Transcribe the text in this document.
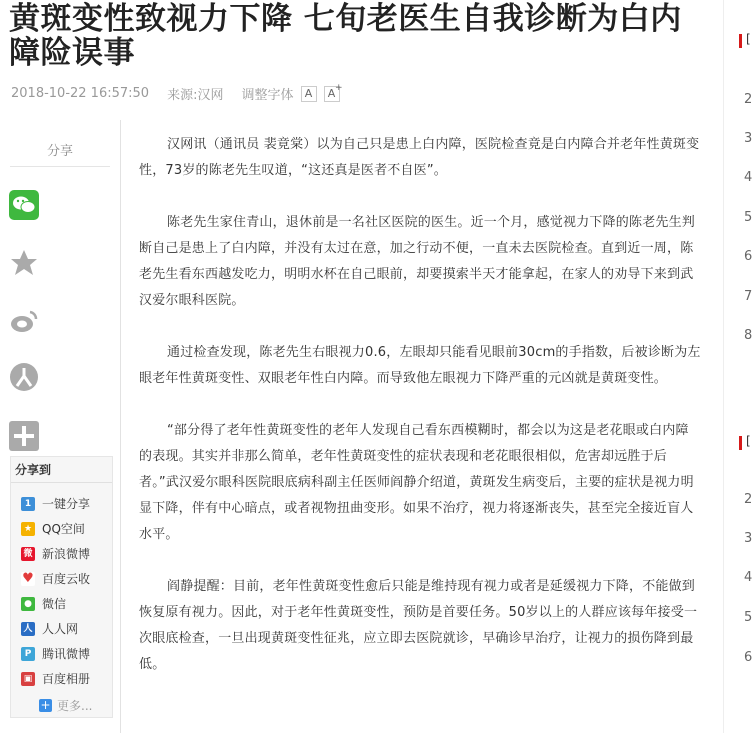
黄斑变性致视力下降 七旬老医生自我诊断为白内障险误事
2018-10-22 16:57:50 来源: 汉网 调整字体	A	A +
分享
分享到
1 一键分享
★ QQ空间
微 新浪微博
♥ 百度云收
● 微信
人 人人网
P 腾讯微博
▣ 百度相册
+ 更多...

汉网讯（通讯员 裴竟棠）以为自己只是患上白内障，医院检查竟是白内障合并老年性黄斑变性，73岁的陈老先生叹道，“这还真是医者不自医”。

陈老先生家住青山，退休前是一名社区医院的医生。近一个月，感觉视力下降的陈老先生判断自己是患上了白内障，并没有太过在意，加之行动不便，一直未去医院检查。直到近一周，陈老先生看东西越发吃力，明明水杯在自己眼前，却要摸索半天才能拿起，在家人的劝导下来到武汉爱尔眼科医院。

通过检查发现，陈老先生右眼视力0.6，左眼却只能看见眼前30cm的手指数，后被诊断为左眼老年性黄斑变性、双眼老年性白内障。而导致他左眼视力下降严重的元凶就是黄斑变性。

“部分得了老年性黄斑变性的老年人发现自己看东西模糊时，都会以为这是老花眼或白内障的表现。其实并非那么简单，老年性黄斑变性的症状表现和老花眼很相似，危害却远胜于后者。”武汉爱尔眼科医院眼底病科副主任医师阎静介绍道，黄斑发生病变后，主要的症状是视力明显下降，伴有中心暗点，或者视物扭曲变形。如果不治疗，视力将逐渐丧失，甚至完全接近盲人水平。

阎静提醒：目前，老年性黄斑变性愈后只能是维持现有视力或者是延缓视力下降，不能做到恢复原有视力。因此，对于老年性黄斑变性，预防是首要任务。50岁以上的人群应该每年接受一次眼底检查，一旦出现黄斑变性征兆，应立即去医院就诊，早确诊早治疗，让视力的损伤降到最低。

[
2
3
4
5
6
7
8
[
2
3
4
5
6
